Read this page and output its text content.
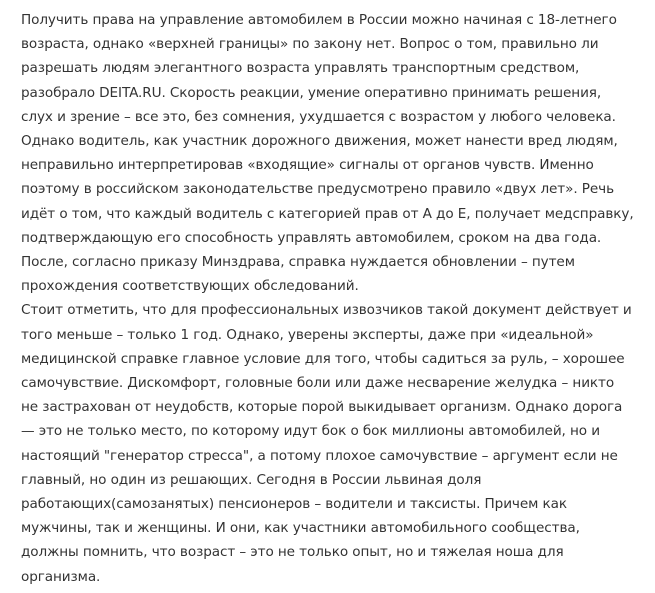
Получить права на управление автомобилем в России можно начиная с 18-летнего
возраста, однако «верхней границы» по закону нет. Вопрос о том, правильно ли
разрешать людям элегантного возраста управлять транспортным средством,
разобрало DEITA.RU. Скорость реакции, умение оперативно принимать решения,
слух и зрение – все это, без сомнения, ухудшается с возрастом у любого человека.
Однако водитель, как участник дорожного движения, может нанести вред людям,
неправильно интерпретировав «входящие» сигналы от органов чувств. Именно
поэтому в российском законодательстве предусмотрено правило «двух лет». Речь
идёт о том, что каждый водитель с категорией прав от А до Е, получает медсправку,
подтверждающую его способность управлять автомобилем, сроком на два года.
После, согласно приказу Минздрава, справка нуждается обновлении – путем
прохождения соответствующих обследований.
Стоит отметить, что для профессиональных извозчиков такой документ действует и
того меньше – только 1 год. Однако, уверены эксперты, даже при «идеальной»
медицинской справке главное условие для того, чтобы садиться за руль, – хорошее
самочувствие. Дискомфорт, головные боли или даже несварение желудка – никто
не застрахован от неудобств, которые порой выкидывает организм. Однако дорога
— это не только место, по которому идут бок о бок миллионы автомобилей, но и
настоящий "генератор стресса", а потому плохое самочувствие – аргумент если не
главный, но один из решающих. Сегодня в России львиная доля
работающих(самозанятых) пенсионеров – водители и таксисты. Причем как
мужчины, так и женщины. И они, как участники автомобильного сообщества,
должны помнить, что возраст – это не только опыт, но и тяжелая ноша для
организма.
